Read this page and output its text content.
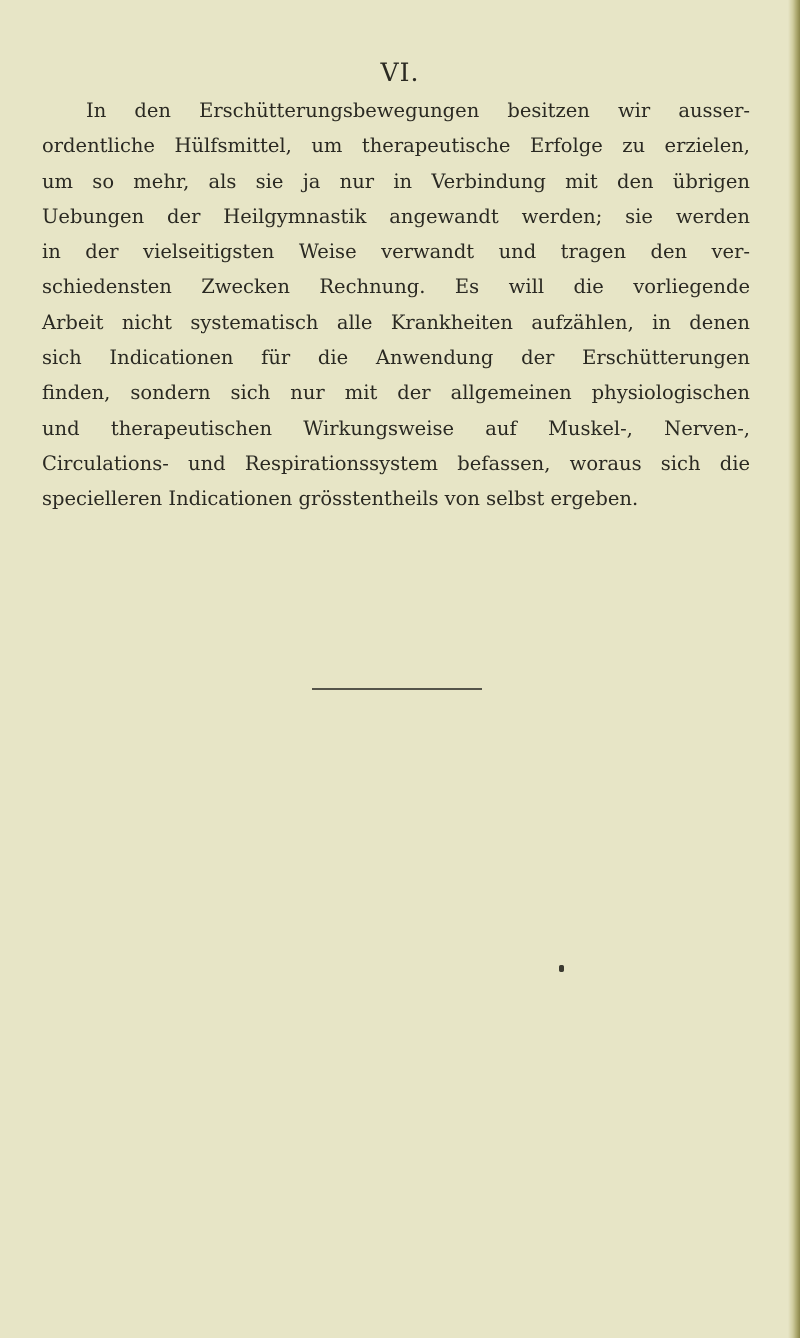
VI.
In den Erschütterungsbewegungen besitzen wir ausser-
ordentliche Hülfsmittel, um therapeutische Erfolge zu erzielen,
um so mehr, als sie ja nur in Verbindung mit den übrigen
Uebungen der Heilgymnastik angewandt werden; sie werden
in der vielseitigsten Weise verwandt und tragen den ver-
schiedensten Zwecken Rechnung. Es will die vorliegende
Arbeit nicht systematisch alle Krankheiten aufzählen, in denen
sich Indicationen für die Anwendung der Erschütterungen
finden, sondern sich nur mit der allgemeinen physiologischen
und therapeutischen Wirkungsweise auf Muskel-, Nerven-,
Circulations- und Respirationssystem befassen, woraus sich die
specielleren Indicationen grösstentheils von selbst ergeben.
